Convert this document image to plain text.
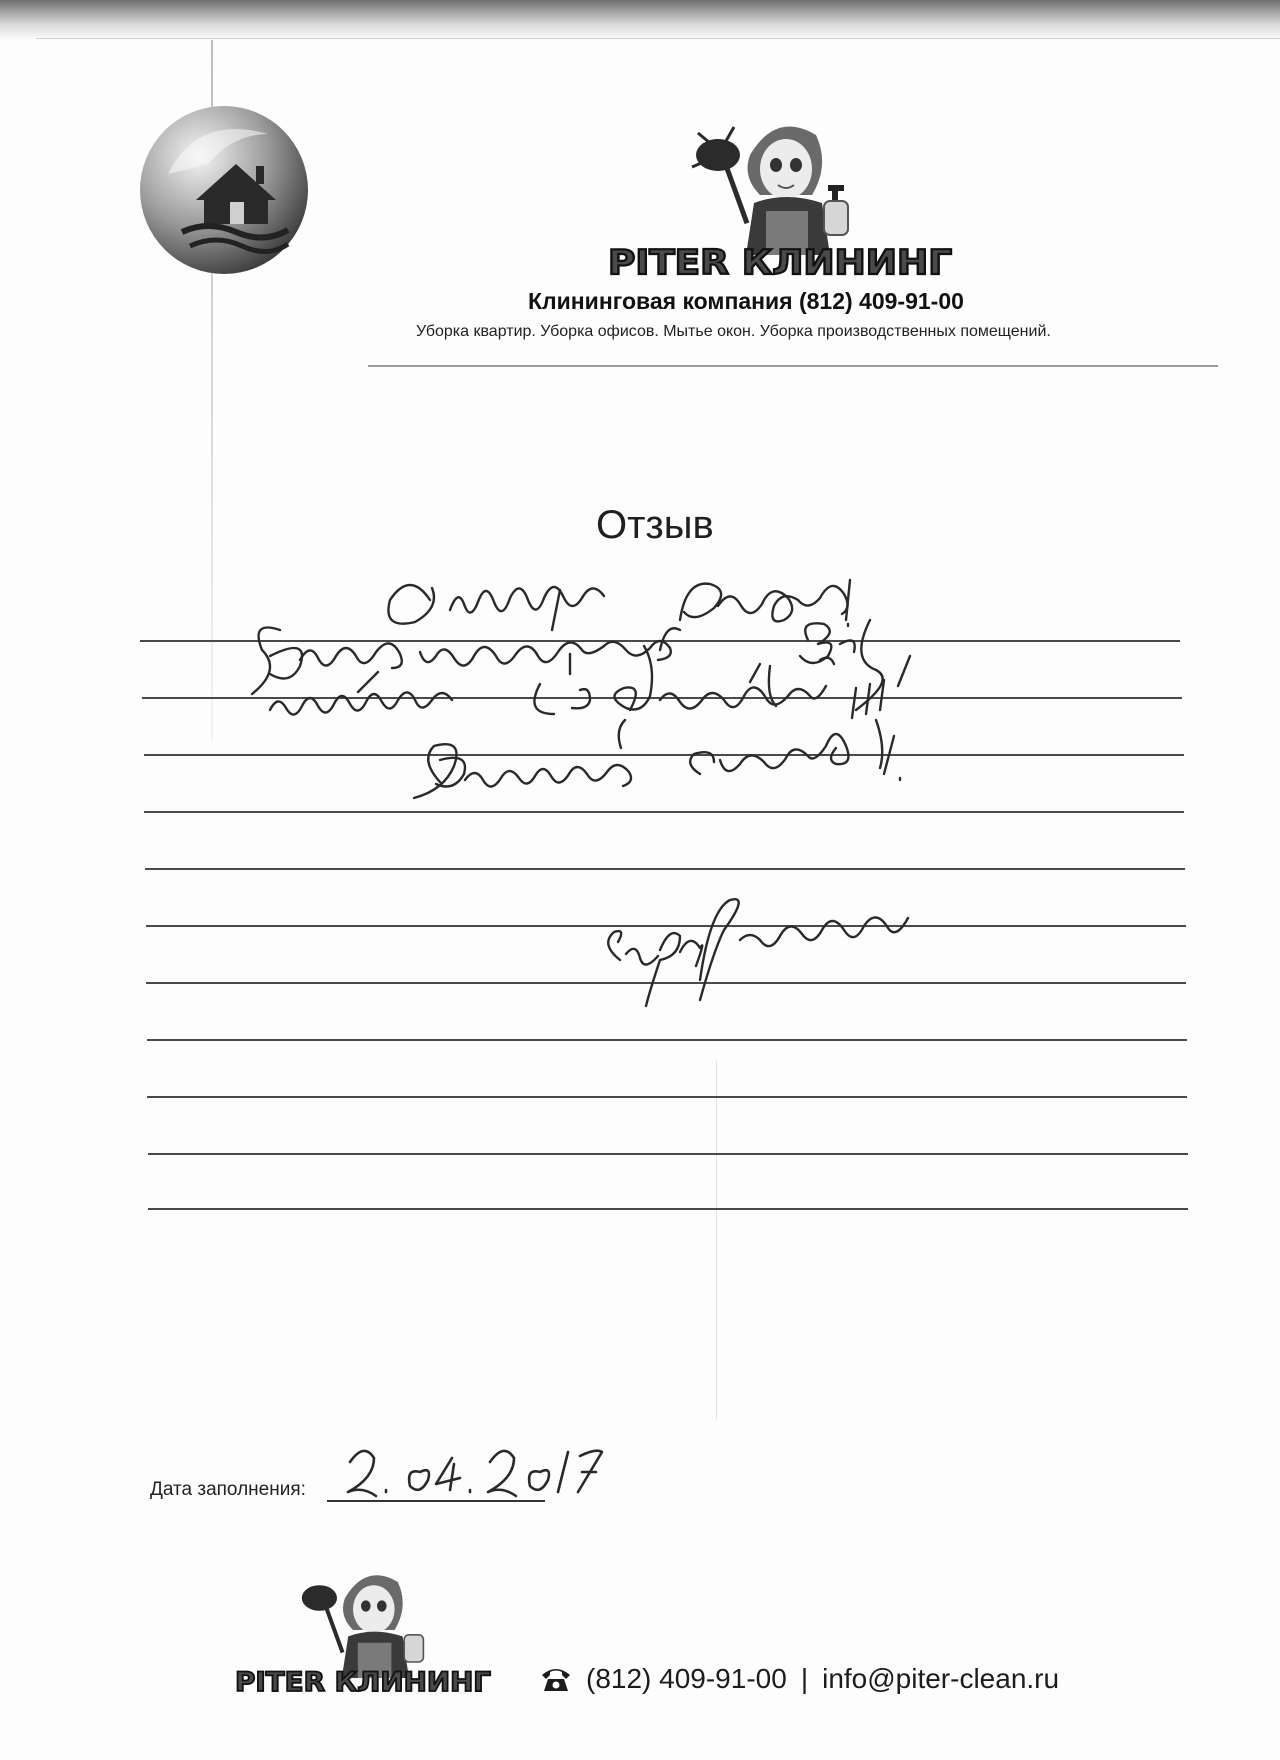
PITER КЛИНИНГ
Клининговая компания (812) 409-91-00
Уборка квартир. Уборка офисов. Мытье окон. Уборка производственных помещений.
Отзыв
Дата заполнения:
PITER КЛИНИНГ	(812) 409-91-00 | info@piter-clean.ru
